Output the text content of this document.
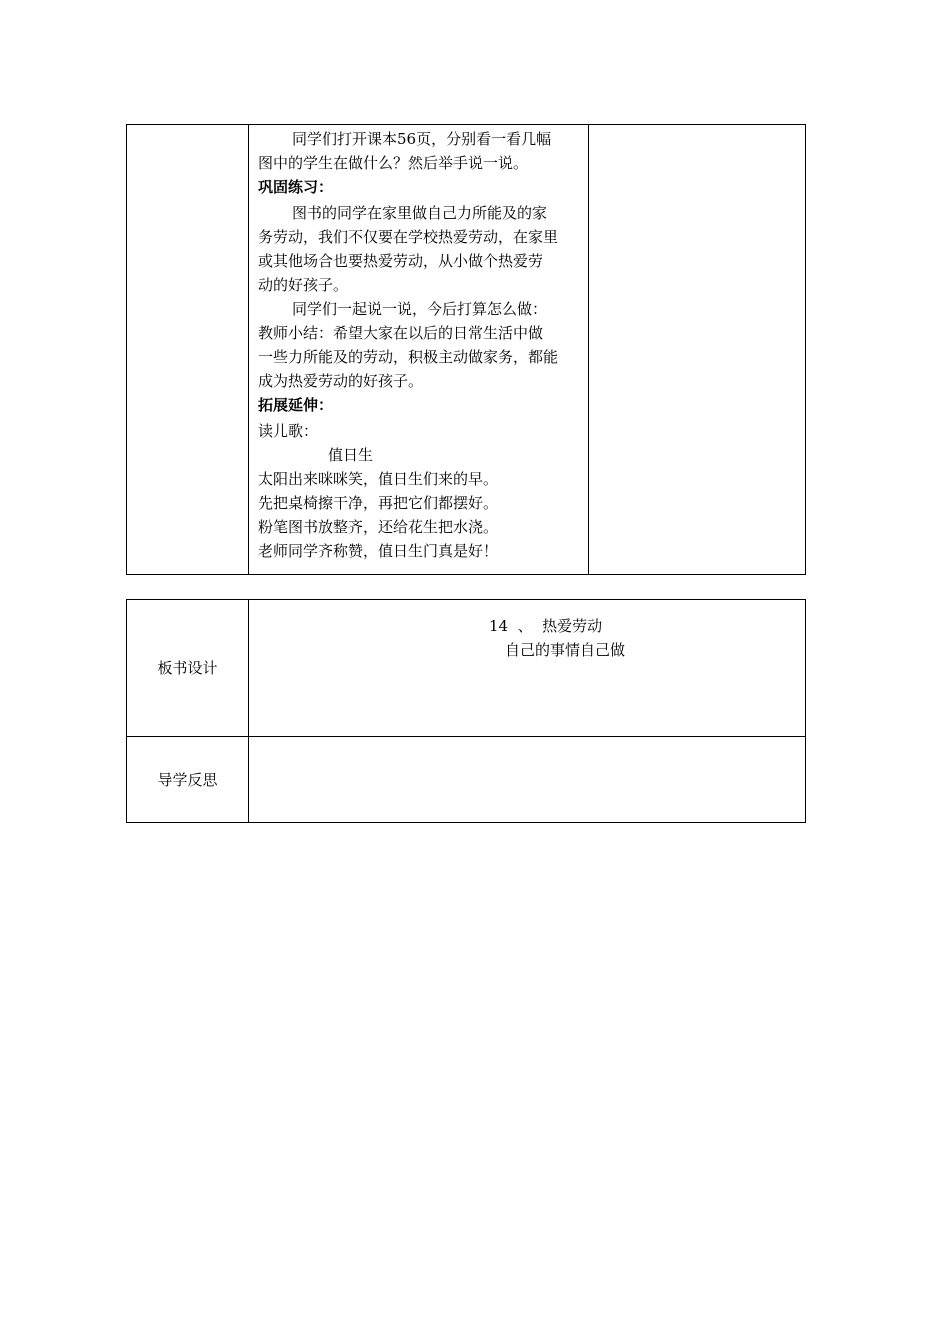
同学们打开课本56页，分别看一看几幅
图中的学生在做什么？然后举手说一说。
巩固练习：
图书的同学在家里做自己力所能及的家
务劳动，我们不仅要在学校热爱劳动，在家里
或其他场合也要热爱劳动，从小做个热爱劳
动的好孩子。
同学们一起说一说，今后打算怎么做：
教师小结：希望大家在以后的日常生活中做
一些力所能及的劳动，积极主动做家务，都能
成为热爱劳动的好孩子。
拓展延伸：
读儿歌：
值日生
太阳出来咪咪笑，值日生们来的早。
先把桌椅擦干净，再把它们都摆好。
粉笔图书放整齐，还给花生把水浇。
老师同学齐称赞，值日生门真是好！
板书设计
14  、  热爱劳动
自己的事情自己做
导学反思
